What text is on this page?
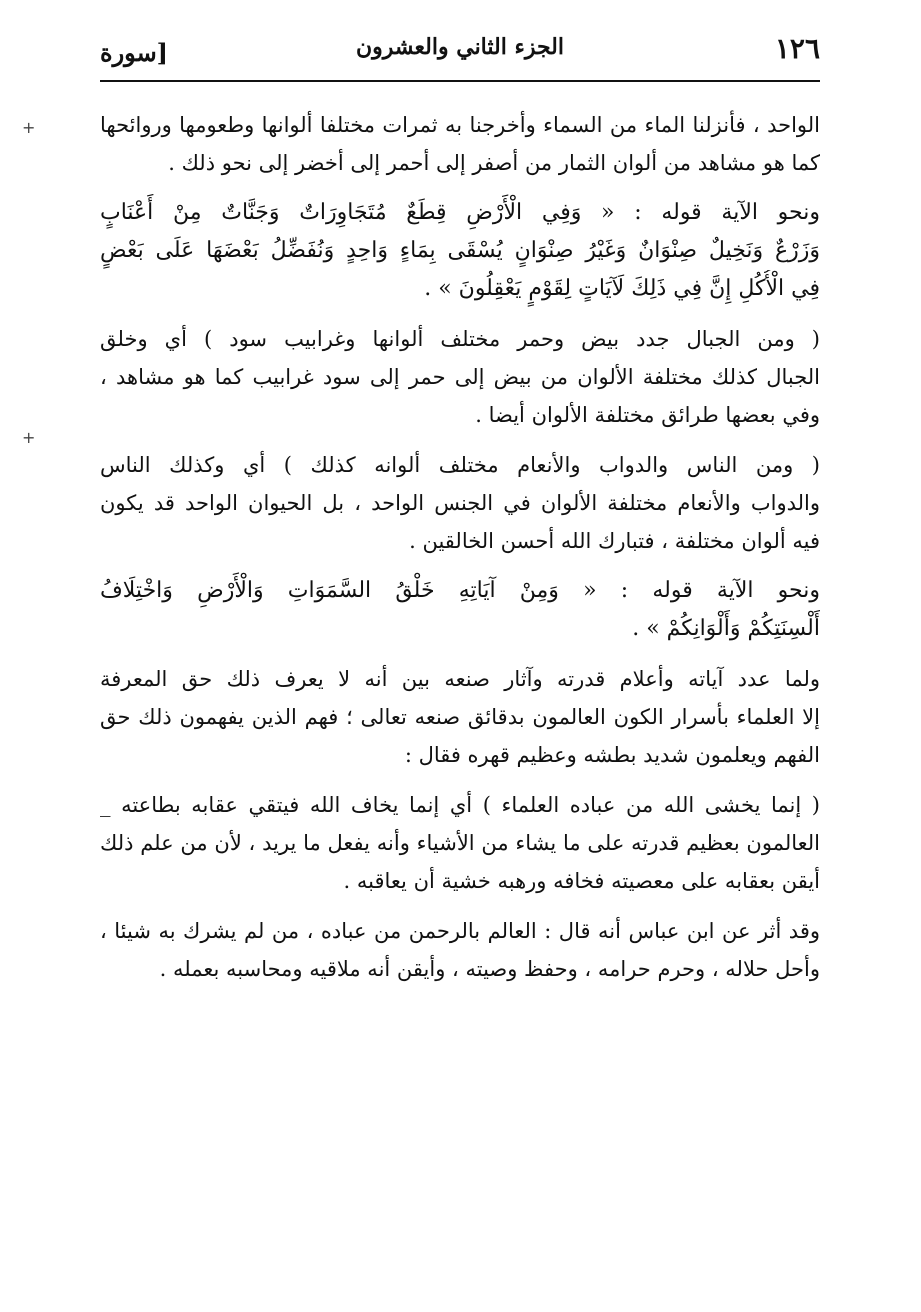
١٢٦
الجزء الثاني والعشرون
[سورة
+
+
الواحد ، فأنزلنا الماء من السماء وأخرجنا به ثمرات مختلفا ألوانها وطعومها وروائحها
كما هو مشاهد من ألوان الثمار من أصفر إلى أحمر إلى أخضر إلى نحو ذلك .
ونحو الآية قوله : « وَفِي الْأَرْضِ قِطَعٌ مُتَجَاوِرَاتٌ وَجَنَّاتٌ مِنْ أَعْنَابٍ
وَزَرْعٌ وَنَخِيلٌ صِنْوَانٌ وَغَيْرُ صِنْوَانٍ يُسْقَى بِمَاءٍ وَاحِدٍ وَنُفَضِّلُ بَعْضَهَا عَلَى بَعْضٍ
فِي الْأُكُلِ إِنَّ فِي ذَلِكَ لَآيَاتٍ لِقَوْمٍ يَعْقِلُونَ » .
( ومن الجبال جدد بيض وحمر مختلف ألوانها وغرابيب سود ) أي وخلق
الجبال كذلك مختلفة الألوان من بيض إلى حمر إلى سود غرابيب كما هو مشاهد ،
وفي بعضها طرائق مختلفة الألوان أيضا .
( ومن الناس والدواب والأنعام مختلف ألوانه كذلك ) أي وكذلك الناس
والدواب والأنعام مختلفة الألوان في الجنس الواحد ، بل الحيوان الواحد قد يكون
فيه ألوان مختلفة ، فتبارك الله أحسن الخالقين .
ونحو الآية قوله : « وَمِنْ آيَاتِهِ خَلْقُ السَّمَوَاتِ وَالْأَرْضِ وَاخْتِلَافُ
أَلْسِنَتِكُمْ وَأَلْوَانِكُمْ » .
ولما عدد آياته وأعلام قدرته وآثار صنعه بين أنه لا يعرف ذلك حق المعرفة
إلا العلماء بأسرار الكون العالمون بدقائق صنعه تعالى ؛ فهم الذين يفهمون ذلك حق
الفهم ويعلمون شديد بطشه وعظيم قهره فقال :
( إنما يخشى الله من عباده العلماء ) أي إنما يخاف الله فيتقي عقابه بطاعته _
العالمون بعظيم قدرته على ما يشاء من الأشياء وأنه يفعل ما يريد ، لأن من علم ذلك
أيقن بعقابه على معصيته فخافه ورهبه خشية أن يعاقبه .
وقد أثر عن ابن عباس أنه قال : العالم بالرحمن من عباده ، من لم يشرك به شيئا ،
وأحل حلاله ، وحرم حرامه ، وحفظ وصيته ، وأيقن أنه ملاقيه ومحاسبه بعمله .
